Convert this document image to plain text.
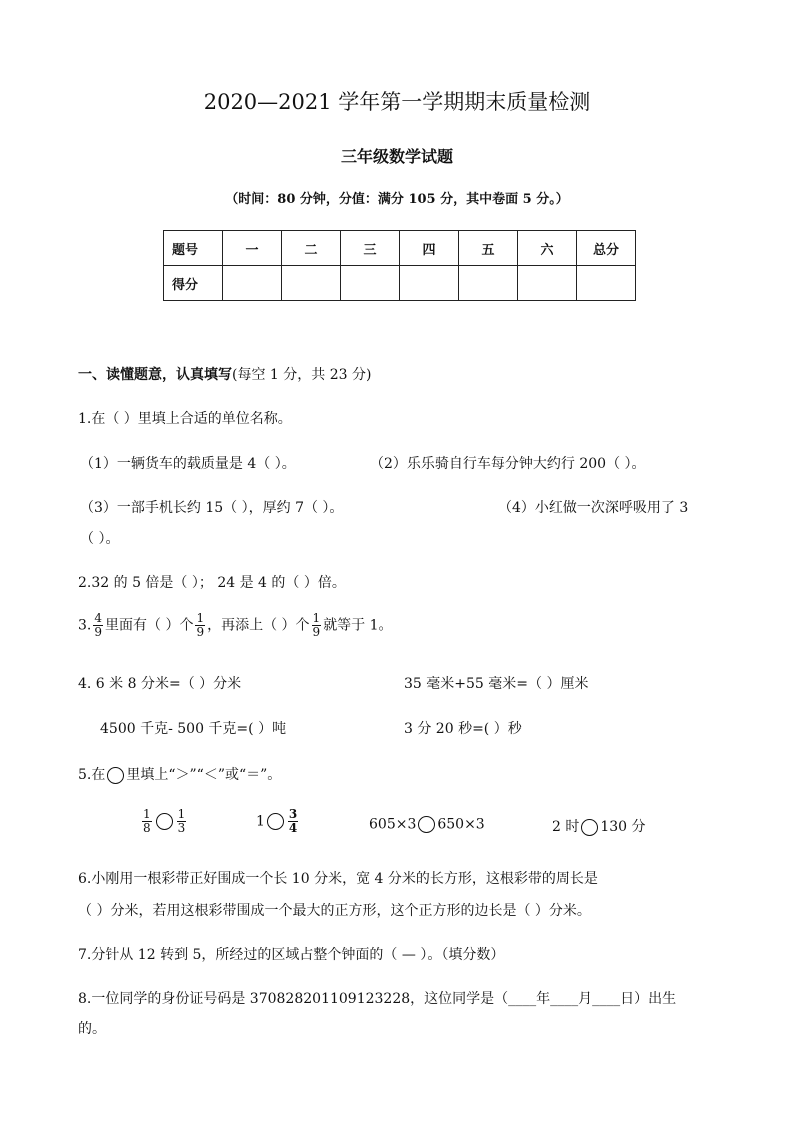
2020—2021 学年第一学期期末质量检测
三年级数学试题
（时间：80 分钟，分值：满分 105 分，其中卷面 5 分。）
题号	一	二	三	四	五	六	总分
得分							
一、读懂题意，认真填写(每空 1 分，共 23 分)
1.在（ ）里填上合适的单位名称。
（1）一辆货车的载质量是 4（ ）。	（2）乐乐骑自行车每分钟大约行 200（ ）。
（3）一部手机长约 15（ ），厚约 7（ ）。	（4）小红做一次深呼吸用了 3
（ ）。
2.32 的 5 倍是（ ）； 24 是 4 的（ ）倍。
3. $\frac{4}{9}$ 里面有（ ）个 $\frac{1}{9}$ ，再添上（ ）个 $\frac{1}{9}$ 就等于 1。
4. 6 米 8 分米=（ ）分米	35 毫米+55 毫米=（ ）厘米
4500 千克- 500 千克=( ）吨	3 分 20 秒=( ）秒
5.在 里填上“＞”“＜”或“＝”。
$\frac{1}{8} \frac{1}{3}$	$1 \frac{3}{4}$	605×3 650×3	2 时 130 分
6.小刚用一根彩带正好围成一个长 10 分米，宽 4 分米的长方形，这根彩带的周长是
（ ）分米，若用这根彩带围成一个最大的正方形，这个正方形的边长是（ ）分米。
7.分针从 12 转到 5，所经过的区域占整个钟面的（ — ）。（填分数）
8.一位同学的身份证号码是 370828201109123228，这位同学是（____年____月____日）出生
的。
